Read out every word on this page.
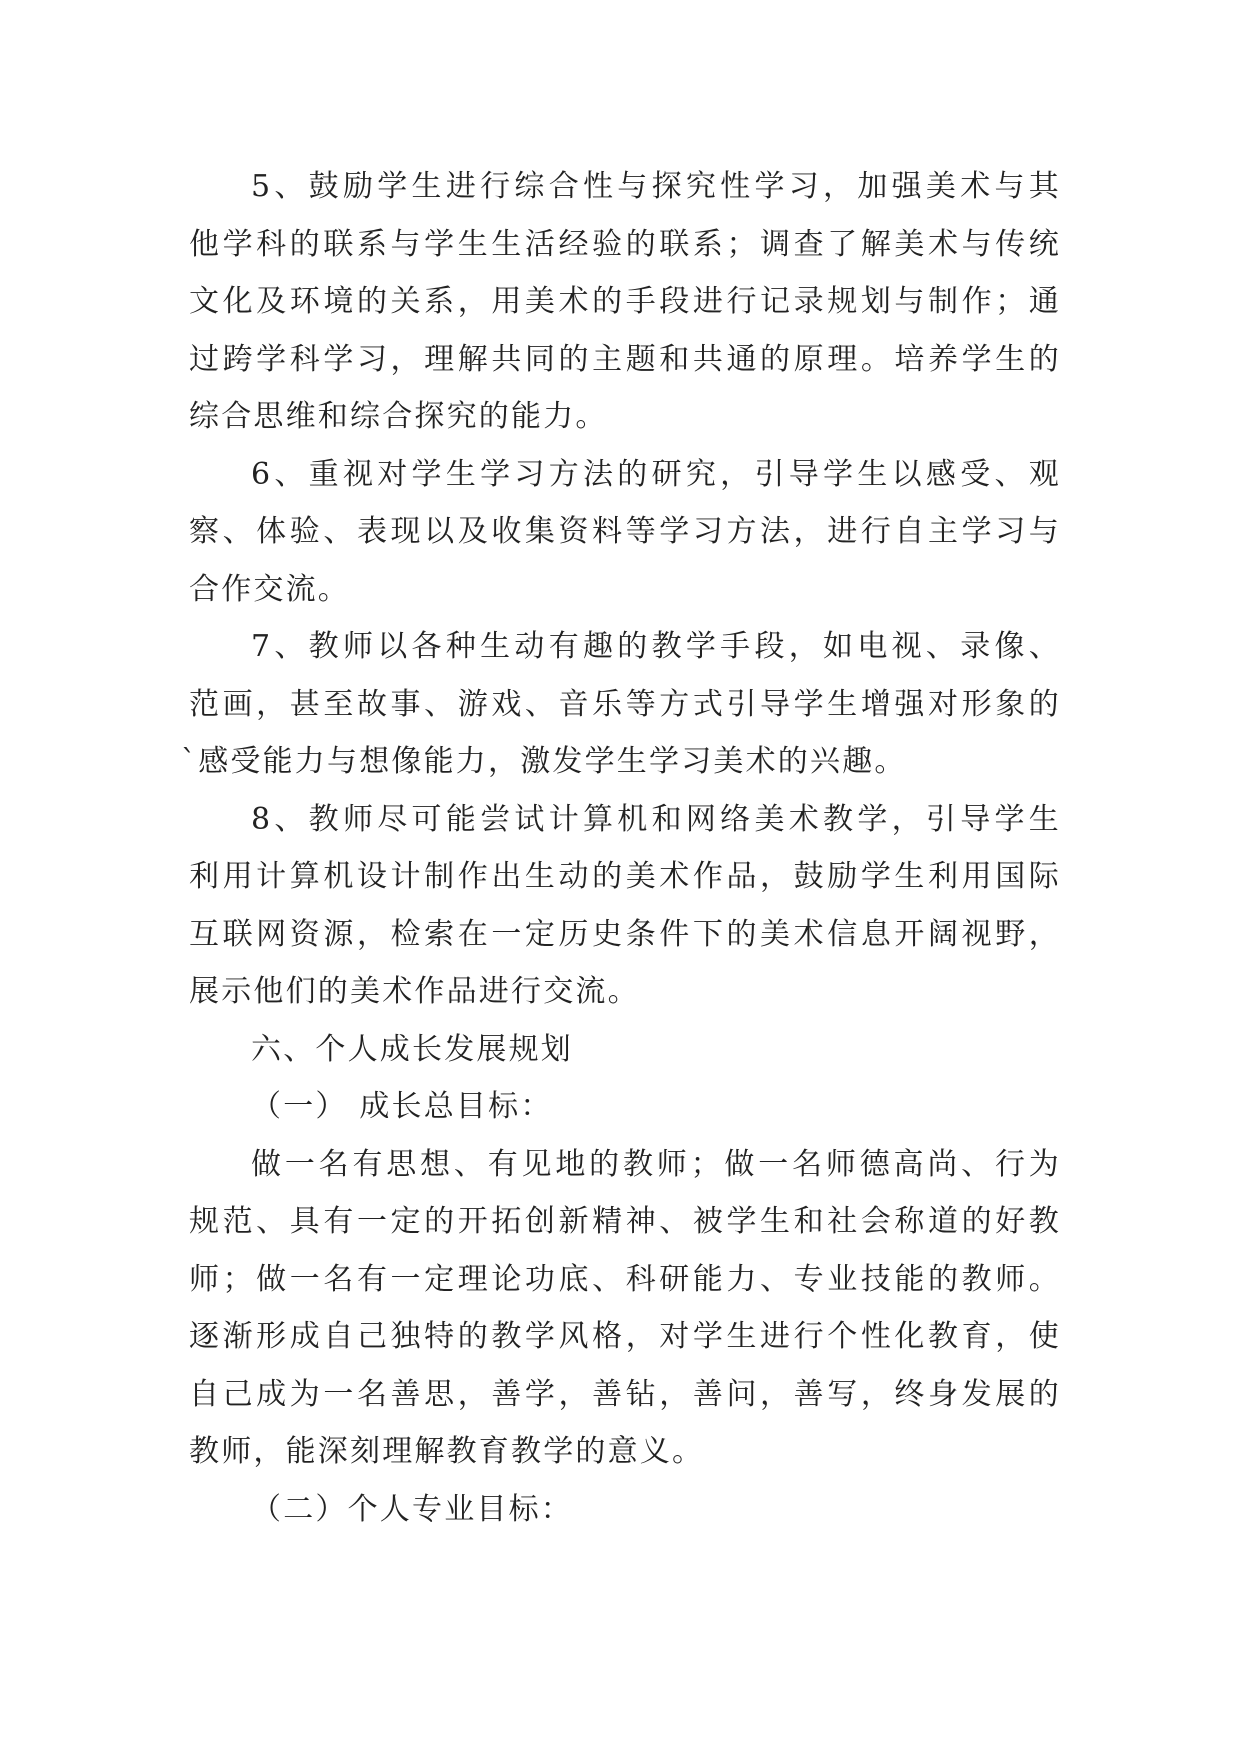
5、鼓励学生进行综合性与探究性学习，加强美术与其
他学科的联系与学生生活经验的联系；调查了解美术与传统
文化及环境的关系，用美术的手段进行记录规划与制作；通
过跨学科学习，理解共同的主题和共通的原理。培养学生的
综合思维和综合探究的能力。
6、重视对学生学习方法的研究，引导学生以感受、观
察、体验、表现以及收集资料等学习方法，进行自主学习与
合作交流。
7、教师以各种生动有趣的教学手段，如电视、录像、
范画，甚至故事、游戏、音乐等方式引导学生增强对形象的
`感受能力与想像能力，激发学生学习美术的兴趣。
8、教师尽可能尝试计算机和网络美术教学，引导学生
利用计算机设计制作出生动的美术作品，鼓励学生利用国际
互联网资源，检索在一定历史条件下的美术信息开阔视野，
展示他们的美术作品进行交流。
六、个人成长发展规划
（一） 成长总目标：
做一名有思想、有见地的教师；做一名师德高尚、行为
规范、具有一定的开拓创新精神、被学生和社会称道的好教
师；做一名有一定理论功底、科研能力、专业技能的教师。
逐渐形成自己独特的教学风格，对学生进行个性化教育，使
自己成为一名善思，善学，善钻，善问，善写，终身发展的
教师，能深刻理解教育教学的意义。
（二）个人专业目标：
